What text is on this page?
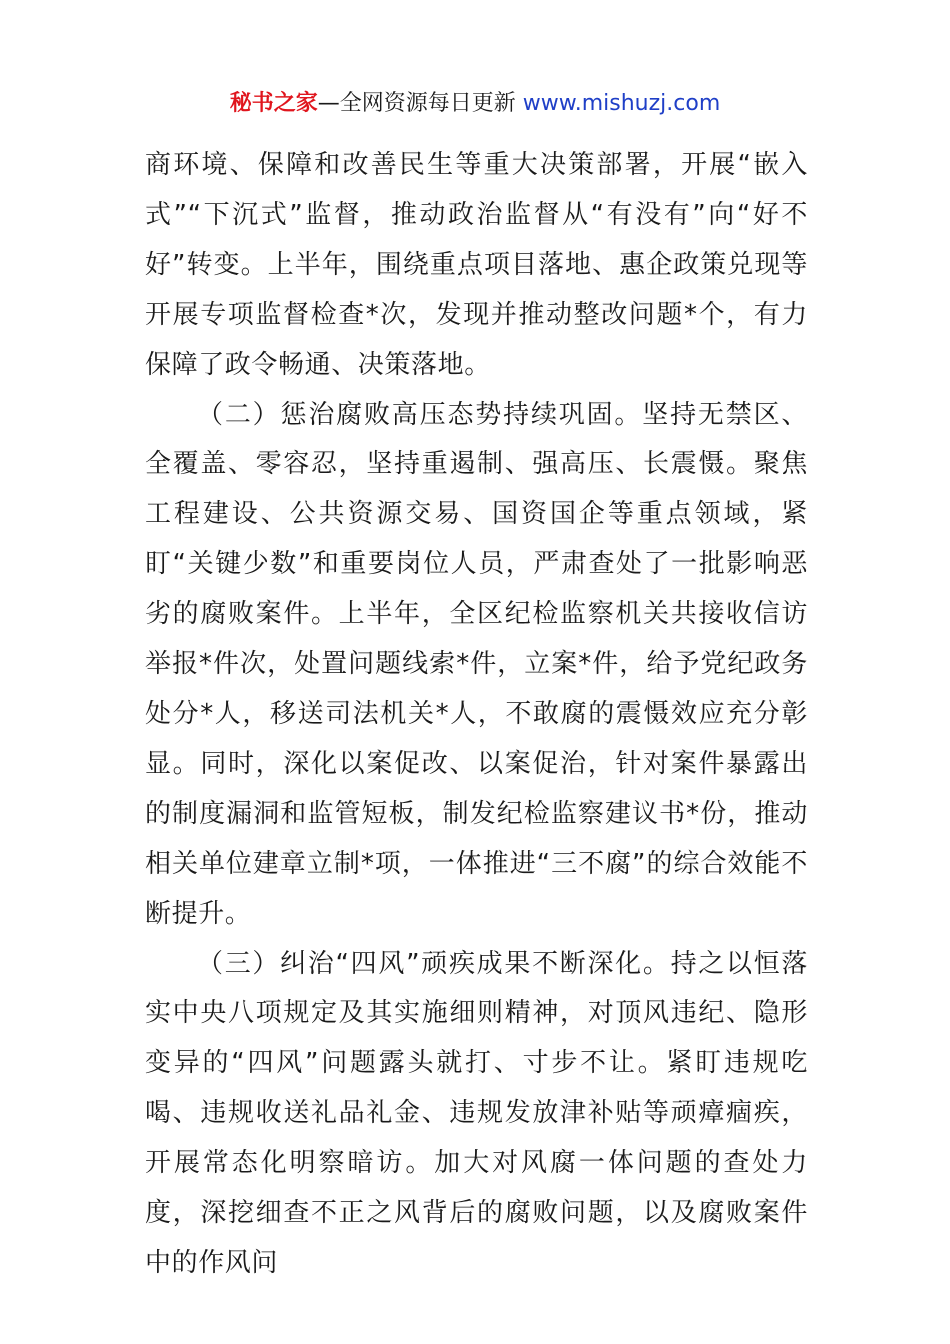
秘书之家—全网资源每日更新 www.mishuzj.com

商环境、保障和改善民生等重大决策部署，开展“嵌入式”“下沉式”监督，推动政治监督从“有没有”向“好不好”转变。上半年，围绕重点项目落地、惠企政策兑现等开展专项监督检查*次，发现并推动整改问题*个，有力保障了政令畅通、决策落地。

（二）惩治腐败高压态势持续巩固。坚持无禁区、全覆盖、零容忍，坚持重遏制、强高压、长震慑。聚焦工程建设、公共资源交易、国资国企等重点领域，紧盯“关键少数”和重要岗位人员，严肃查处了一批影响恶劣的腐败案件。上半年，全区纪检监察机关共接收信访举报*件次，处置问题线索*件，立案*件，给予党纪政务处分*人，移送司法机关*人，不敢腐的震慑效应充分彰显。同时，深化以案促改、以案促治，针对案件暴露出的制度漏洞和监管短板，制发纪检监察建议书*份，推动相关单位建章立制*项，一体推进“三不腐”的综合效能不断提升。

（三）纠治“四风”顽疾成果不断深化。持之以恒落实中央八项规定及其实施细则精神，对顶风违纪、隐形变异的“四风”问题露头就打、寸步不让。紧盯违规吃喝、违规收送礼品礼金、违规发放津补贴等顽瘴痼疾，开展常态化明察暗访。加大对风腐一体问题的查处力度，深挖细查不正之风背后的腐败问题，以及腐败案件中的作风问
